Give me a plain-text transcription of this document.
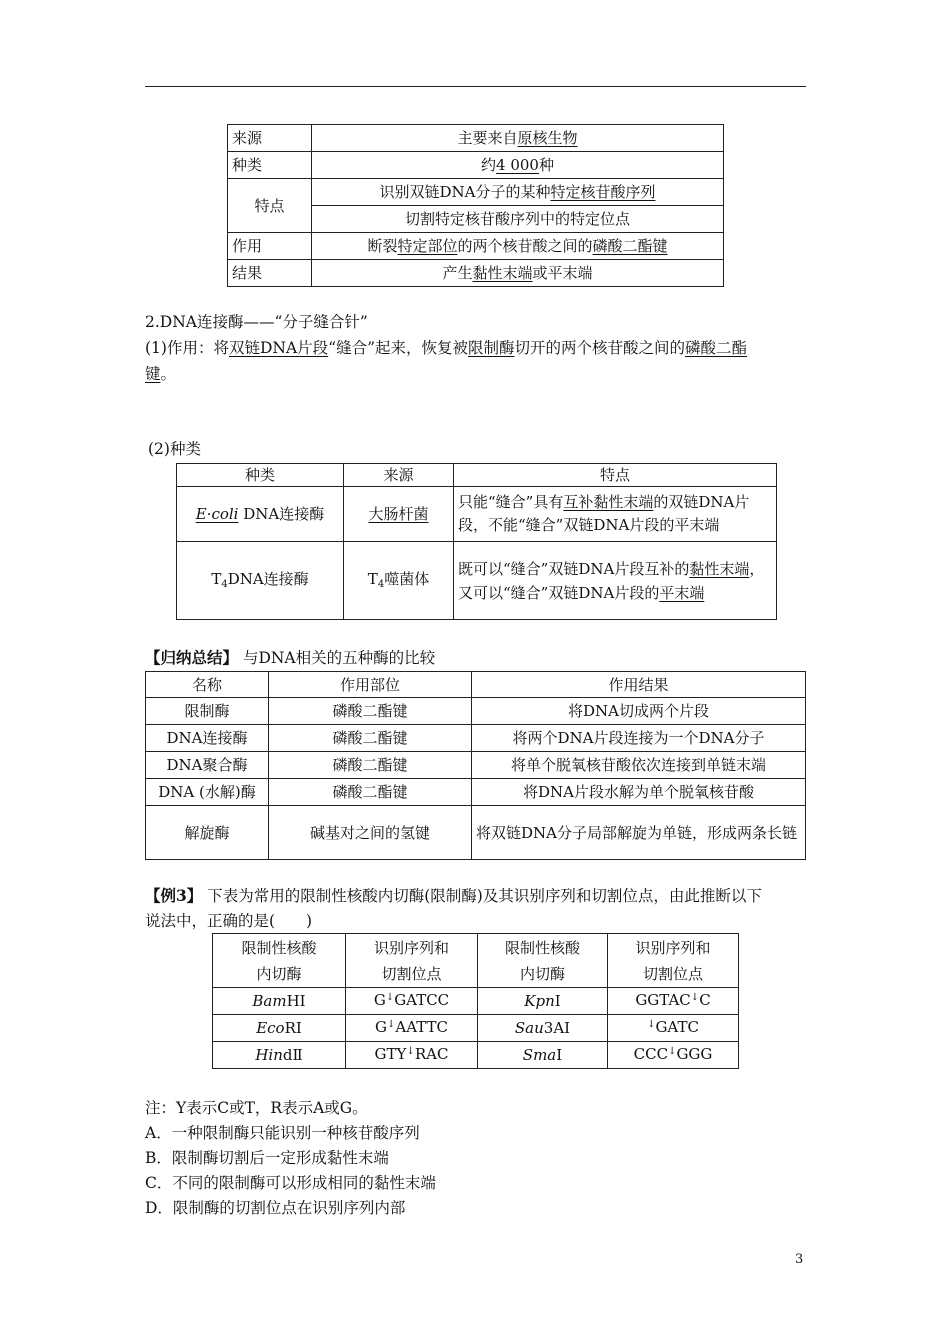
来源	主要来自原核生物
种类	约4 000种
特点	识别双链DNA分子的某种特定核苷酸序列
	切割特定核苷酸序列中的特定位点
作用	断裂特定部位的两个核苷酸之间的磷酸二酯键
结果	产生黏性末端或平末端
2.DNA连接酶——“分子缝合针”
(1)作用：将双链DNA片段“缝合”起来，恢复被限制酶切开的两个核苷酸之间的磷酸二酯
键。
(2)种类
种类	来源	特点
E·coli DNA连接酶	大肠杆菌	只能“缝合”具有互补黏性末端的双链DNA片段，不能“缝合”双链DNA片段的平末端
$T_4DNA$连接酶	$T_4$噬菌体	既可以“缝合”双链DNA片段互补的黏性末端，又可以“缝合”双链DNA片段的平末端
【归纳总结】 与DNA相关的五种酶的比较
名称	作用部位	作用结果
限制酶	磷酸二酯键	将DNA切成两个片段
DNA连接酶	磷酸二酯键	将两个DNA片段连接为一个DNA分子
DNA聚合酶	磷酸二酯键	将单个脱氧核苷酸依次连接到单链末端
DNA (水解)酶	磷酸二酯键	将DNA片段水解为单个脱氧核苷酸
解旋酶	碱基对之间的氢键	将双链DNA分子局部解旋为单链，形成两条长链
【例3】 下表为常用的限制性核酸内切酶(限制酶)及其识别序列和切割位点，由此推断以下
说法中，正确的是(　　)
限制性核酸内切酶	识别序列和切割位点	限制性核酸内切酶	识别序列和切割位点
BamHⅠ	G↓GATCC	KpnⅠ	GGTAC↓C
EcoRⅠ	G↓AATTC	Sau3AⅠ	↓GATC
HindⅡ	GTY↓RAC	SmaⅠ	CCC↓GGG
注：Y表示C或T，R表示A或G。
A．一种限制酶只能识别一种核苷酸序列
B．限制酶切割后一定形成黏性末端
C．不同的限制酶可以形成相同的黏性末端
D．限制酶的切割位点在识别序列内部
3
